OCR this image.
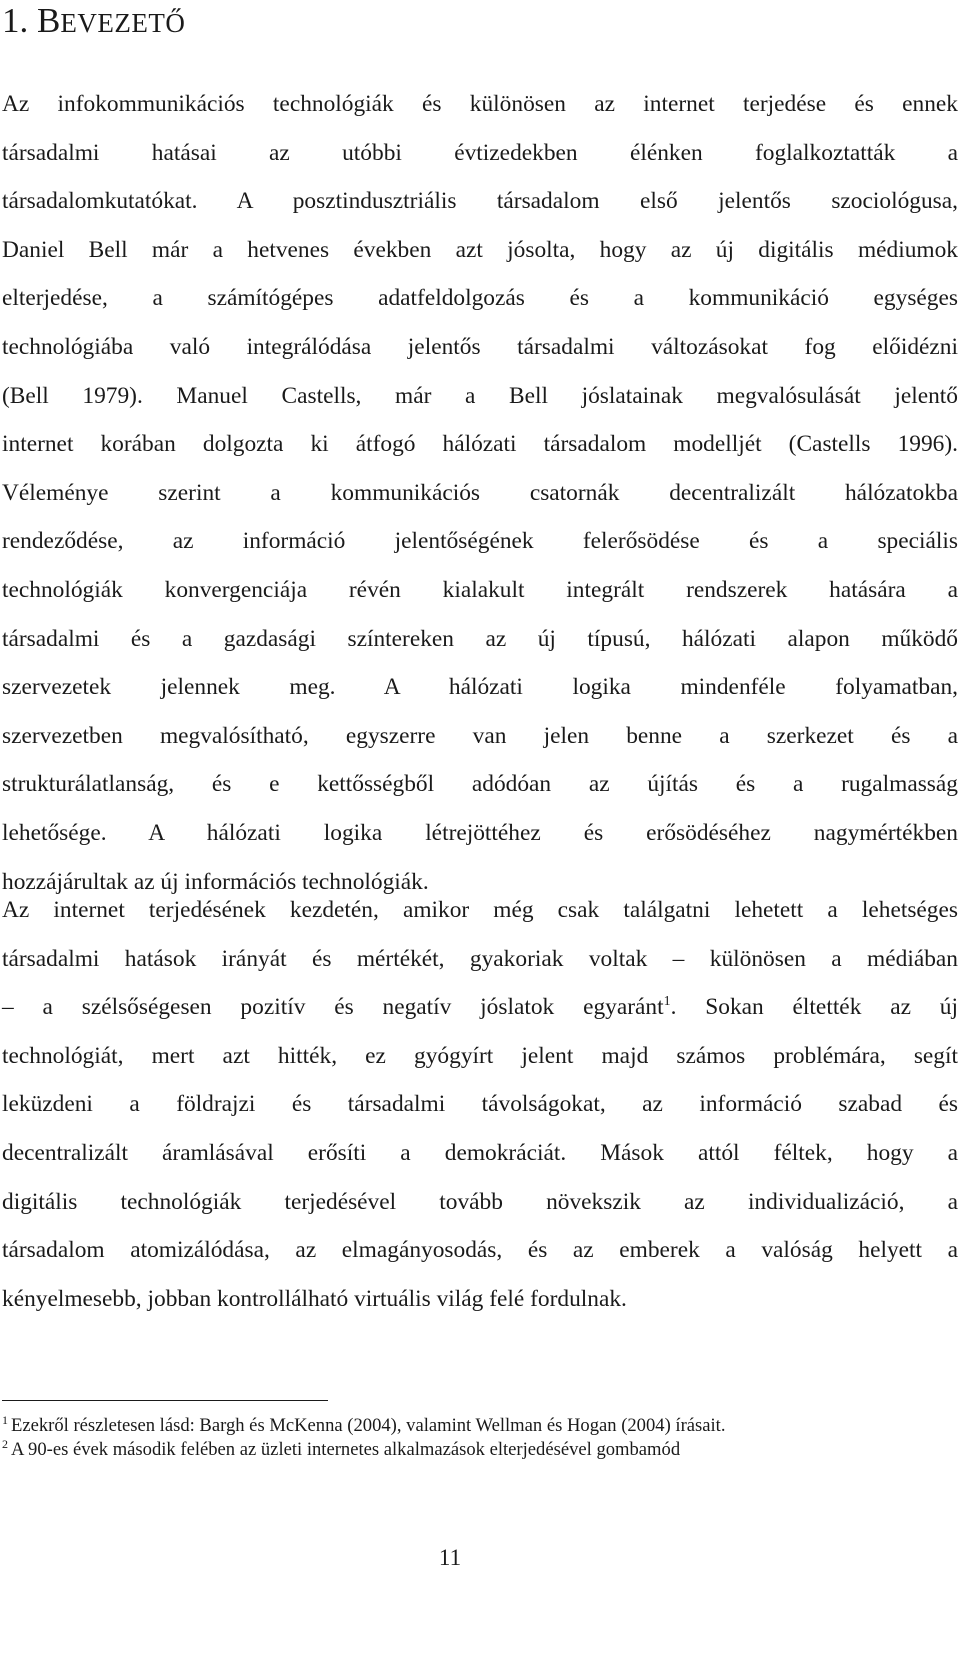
1. BEVEZETŐ

Az infokommunikációs technológiák és különösen az internet terjedése és ennek
társadalmi hatásai az utóbbi évtizedekben élénken foglalkoztatták a
társadalomkutatókat. A posztindusztriális társadalom első jelentős szociológusa,
Daniel Bell már a hetvenes években azt jósolta, hogy az új digitális médiumok
elterjedése, a számítógépes adatfeldolgozás és a kommunikáció egységes
technológiába való integrálódása jelentős társadalmi változásokat fog előidézni
(Bell 1979). Manuel Castells, már a Bell jóslatainak megvalósulását jelentő
internet korában dolgozta ki átfogó hálózati társadalom modelljét (Castells 1996).
Véleménye szerint a kommunikációs csatornák decentralizált hálózatokba
rendeződése, az információ jelentőségének felerősödése és a speciális
technológiák konvergenciája révén kialakult integrált rendszerek hatására a
társadalmi és a gazdasági színtereken az új típusú, hálózati alapon működő
szervezetek jelennek meg. A hálózati logika mindenféle folyamatban,
szervezetben megvalósítható, egyszerre van jelen benne a szerkezet és a
strukturálatlanság, és e kettősségből adódóan az újítás és a rugalmasság
lehetősége. A hálózati logika létrejöttéhez és erősödéséhez nagymértékben
hozzájárultak az új információs technológiák.

Az internet terjedésének kezdetén, amikor még csak találgatni lehetett a lehetséges
társadalmi hatások irányát és mértékét, gyakoriak voltak – különösen a médiában
– a szélsőségesen pozitív és negatív jóslatok egyaránt$^1$. Sokan éltették az új
technológiát, mert azt hitték, ez gyógyírt jelent majd számos problémára, segít
leküzdeni a földrajzi és társadalmi távolságokat, az információ szabad és
decentralizált áramlásával erősíti a demokráciát. Mások attól féltek, hogy a
digitális technológiák terjedésével tovább növekszik az individualizáció, a
társadalom atomizálódása, az elmagányosodás, és az emberek a valóság helyett a
kényelmesebb, jobban kontrollálható virtuális világ felé fordulnak.

$^1$ Ezekről részletesen lásd: Bargh és McKenna (2004), valamint Wellman és Hogan (2004) írásait.

$^2$ A 90-es évek második felében az üzleti internetes alkalmazások elterjedésével gombamód

11
